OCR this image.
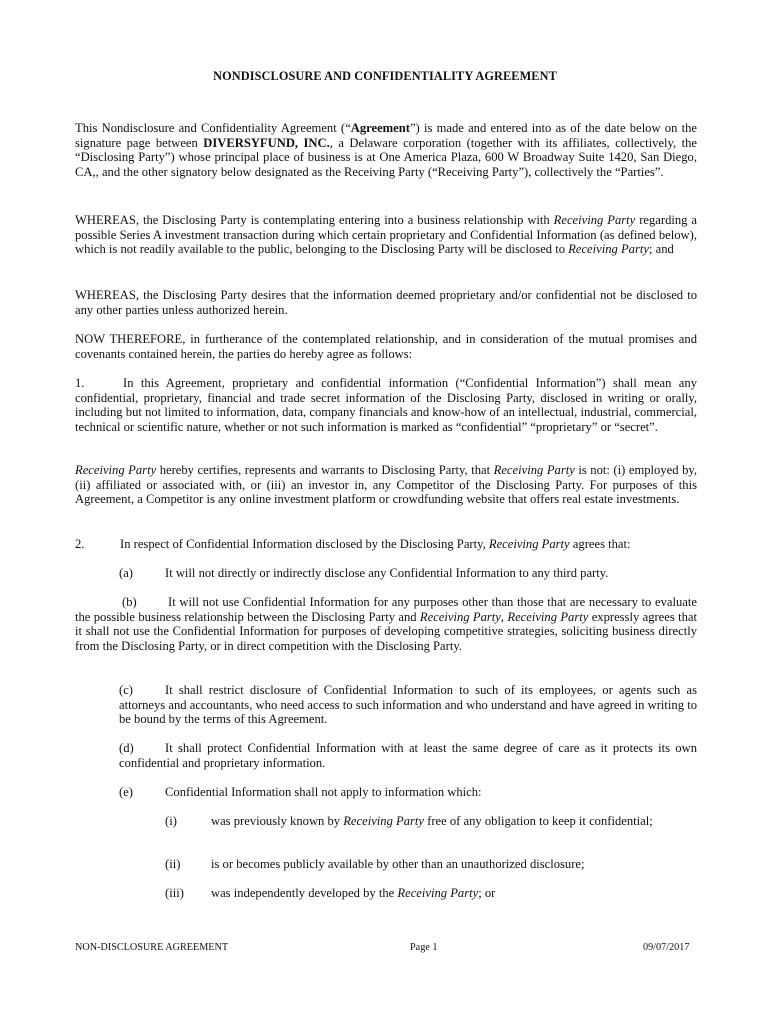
NONDISCLOSURE AND CONFIDENTIALITY AGREEMENT

This Nondisclosure and Confidentiality Agreement (“Agreement”) is made and entered into as of the date below on the signature page between DIVERSYFUND, INC., a Delaware corporation (together with its affiliates, collectively, the “Disclosing Party”) whose principal place of business is at One America Plaza, 600 W Broadway Suite 1420, San Diego, CA,, and the other signatory below designated as the Receiving Party (“Receiving Party”), collectively the “Parties”.

WHEREAS, the Disclosing Party is contemplating entering into a business relationship with Receiving Party regarding a possible Series A investment transaction during which certain proprietary and Confidential Information (as defined below), which is not readily available to the public, belonging to the Disclosing Party will be disclosed to Receiving Party; and

WHEREAS, the Disclosing Party desires that the information deemed proprietary and/or confidential not be disclosed to any other parties unless authorized herein.

NOW THEREFORE, in furtherance of the contemplated relationship, and in consideration of the mutual promises and covenants contained herein, the parties do hereby agree as follows:

1.	In this Agreement, proprietary and confidential information (“Confidential Information”) shall mean any confidential, proprietary, financial and trade secret information of the Disclosing Party, disclosed in writing or orally, including but not limited to information, data, company financials and know-how of an intellectual, industrial, commercial, technical or scientific nature, whether or not such information is marked as “confidential” “proprietary” or “secret”.

Receiving Party hereby certifies, represents and warrants to Disclosing Party, that Receiving Party is not: (i) employed by, (ii) affiliated or associated with, or (iii) an investor in, any Competitor of the Disclosing Party. For purposes of this Agreement, a Competitor is any online investment platform or crowdfunding website that offers real estate investments.

2.	In respect of Confidential Information disclosed by the Disclosing Party, Receiving Party agrees that:

(a)	It will not directly or indirectly disclose any Confidential Information to any third party.

(b) It will not use Confidential Information for any purposes other than those that are necessary to evaluate the possible business relationship between the Disclosing Party and Receiving Party, Receiving Party expressly agrees that it shall not use the Confidential Information for purposes of developing competitive strategies, soliciting business directly from the Disclosing Party, or in direct competition with the Disclosing Party.

(c)	It shall restrict disclosure of Confidential Information to such of its employees, or agents such as attorneys and accountants, who need access to such information and who understand and have agreed in writing to be bound by the terms of this Agreement.

(d) It shall protect Confidential Information with at least the same degree of care as it protects its own confidential and proprietary information.

(e)	Confidential Information shall not apply to information which:

(i)	was previously known by Receiving Party free of any obligation to keep it confidential;

(ii) is or becomes publicly available by other than an unauthorized disclosure;

(iii) was independently developed by the Receiving Party; or

NON-DISCLOSURE AGREEMENT	Page 1	09/07/2017
